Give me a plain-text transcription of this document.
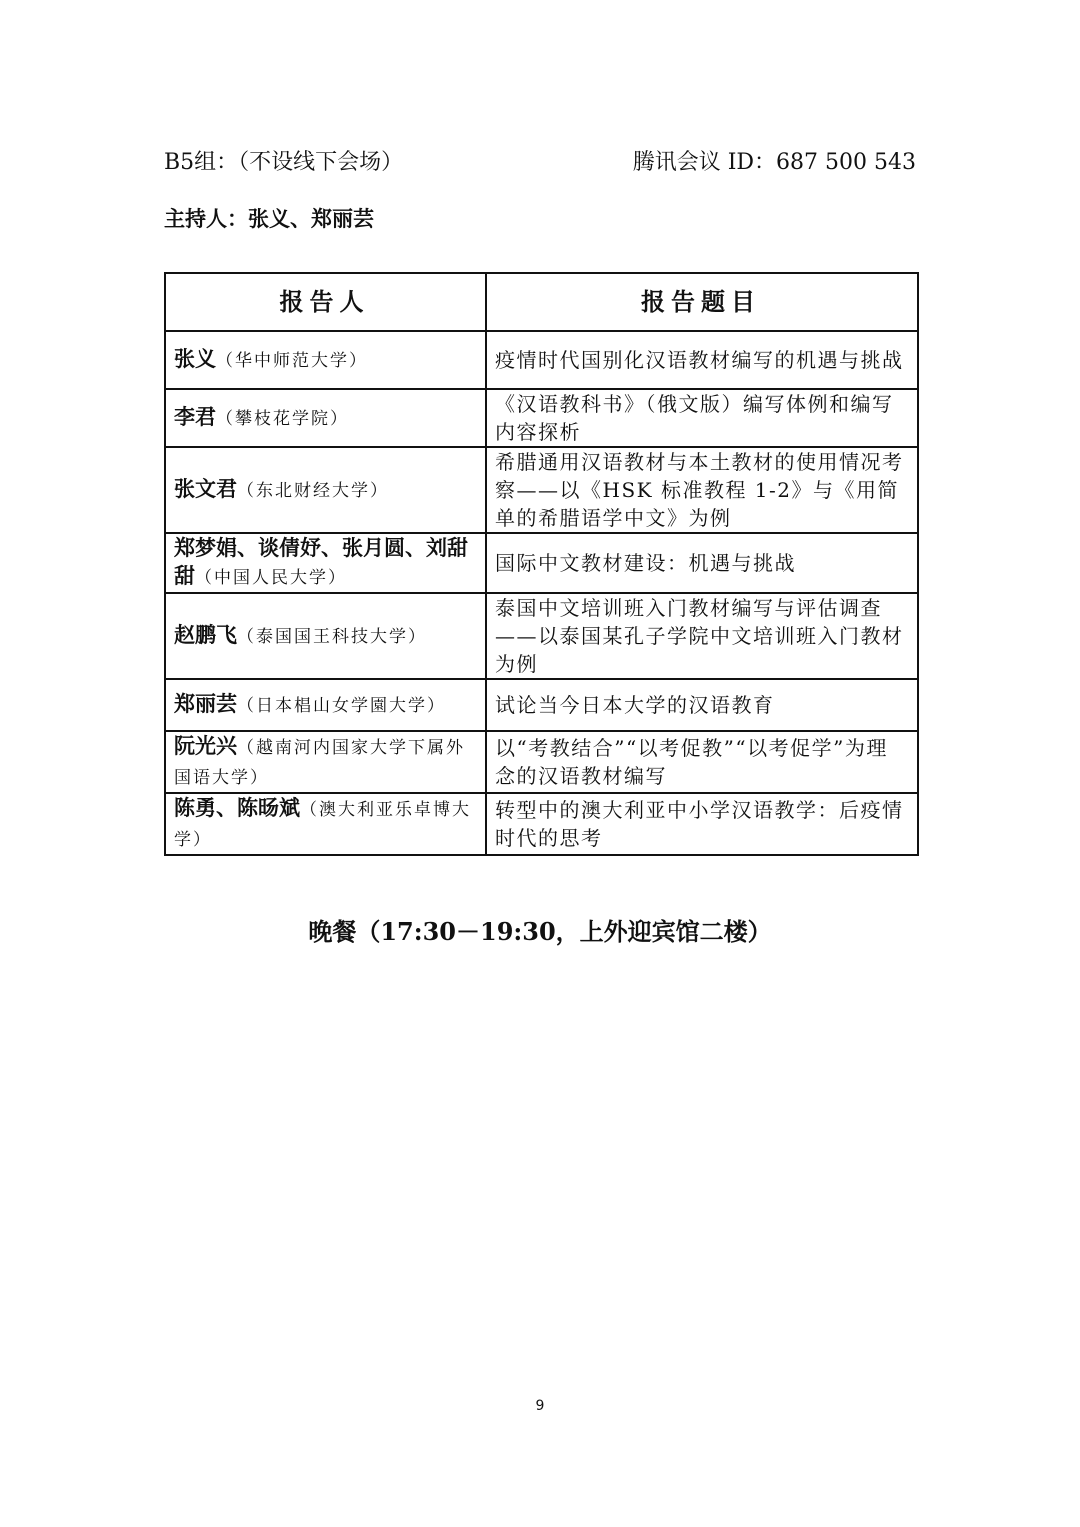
B5组：（不设线下会场）	腾讯会议 ID：687 500 543
主持人：张义、郑丽芸
报告人	报告题目
张义（华中师范大学）	疫情时代国别化汉语教材编写的机遇与挑战
李君（攀枝花学院）	《汉语教科书》（俄文版）编写体例和编写内容探析
张文君（东北财经大学）	希腊通用汉语教材与本土教材的使用情况考察——以《HSK 标准教程 1-2》与《用简单的希腊语学中文》为例
郑梦娟、谈倩妤、张月圆、刘甜甜（中国人民大学）	国际中文教材建设：机遇与挑战
赵鹏飞（泰国国王科技大学）	泰国中文培训班入门教材编写与评估调查——以泰国某孔子学院中文培训班入门教材为例
郑丽芸（日本椙山女学園大学）	试论当今日本大学的汉语教育
阮光兴（越南河内国家大学下属外国语大学）	以“考教结合”“以考促教”“以考促学”为理念的汉语教材编写
陈勇、陈旸斌（澳大利亚乐卓博大学）	转型中的澳大利亚中小学汉语教学：后疫情时代的思考
晚餐（17:30－19:30，上外迎宾馆二楼）
9
